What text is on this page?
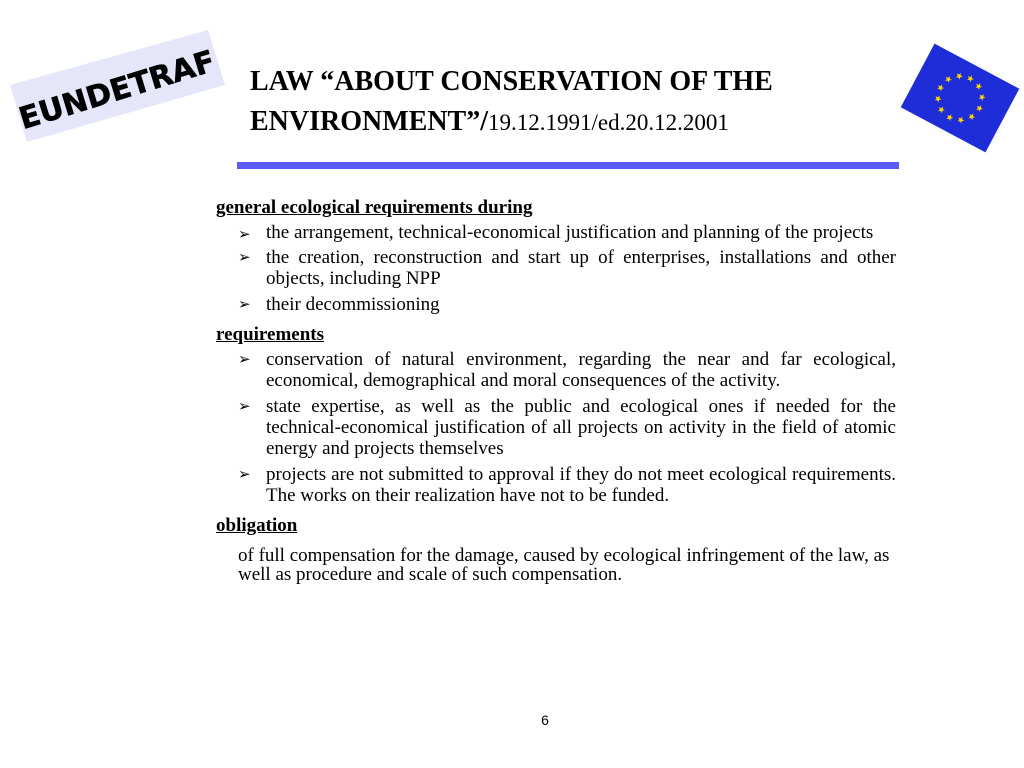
EUNDETRAF LAW “ABOUT CONSERVATION OF THE ENVIRONMENT”/19.12.1991/ed.20.12.2001
general ecological requirements during
➢ the arrangement, technical-economical justification and planning of the projects
➢ the creation, reconstruction and start up of enterprises, installations and other objects, including NPP
➢ their decommissioning
requirements
➢ conservation of natural environment, regarding the near and far ecological, economical, demographical and moral consequences of the activity.
➢ state expertise, as well as the public and ecological ones if needed for the technical-economical justification of all projects on activity in the field of atomic energy and projects themselves
➢ projects are not submitted to approval if they do not meet ecological requirements. The works on their realization have not to be funded.
obligation
of full compensation for the damage, caused by ecological infringement of the law, as well as procedure and scale of such compensation.
6
